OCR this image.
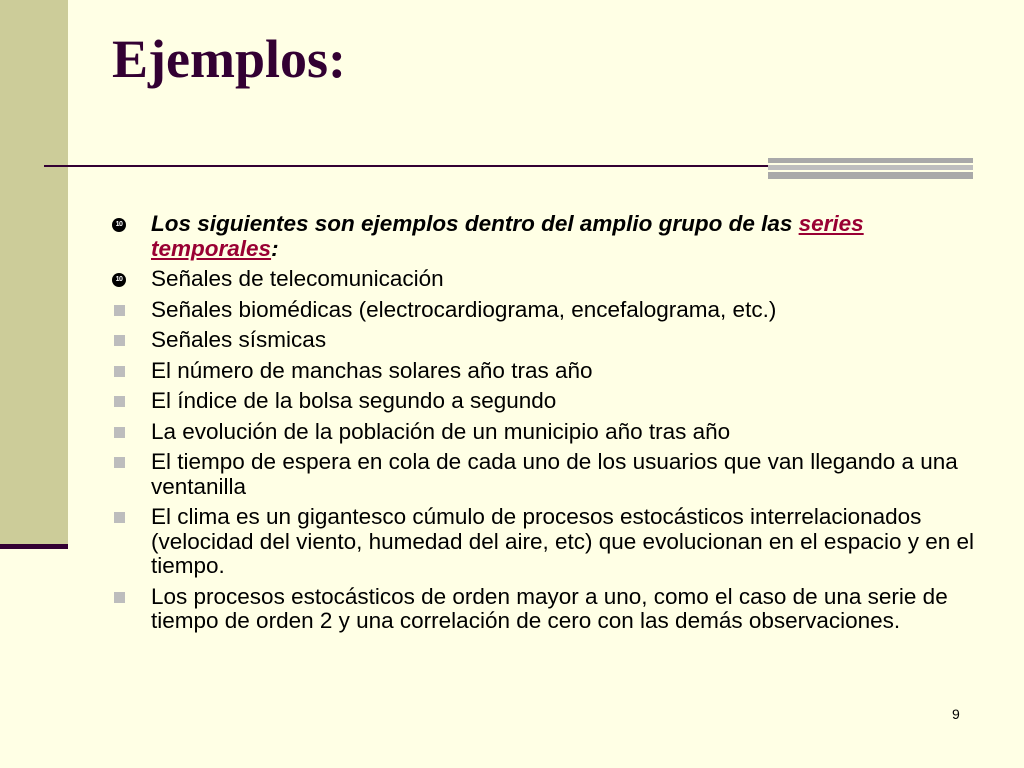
Ejemplos:
10 Los siguientes son ejemplos dentro del amplio grupo de las series temporales:
10 Señales de telecomunicación
Señales biomédicas (electrocardiograma, encefalograma, etc.)
Señales sísmicas
El número de manchas solares año tras año
El índice de la bolsa segundo a segundo
La evolución de la población de un municipio año tras año
El tiempo de espera en cola de cada uno de los usuarios que van llegando a una ventanilla
El clima es un gigantesco cúmulo de procesos estocásticos interrelacionados (velocidad del viento, humedad del aire, etc) que evolucionan en el espacio y en el tiempo.
Los procesos estocásticos de orden mayor a uno, como el caso de una serie de tiempo de orden 2 y una correlación de cero con las demás observaciones.
9
